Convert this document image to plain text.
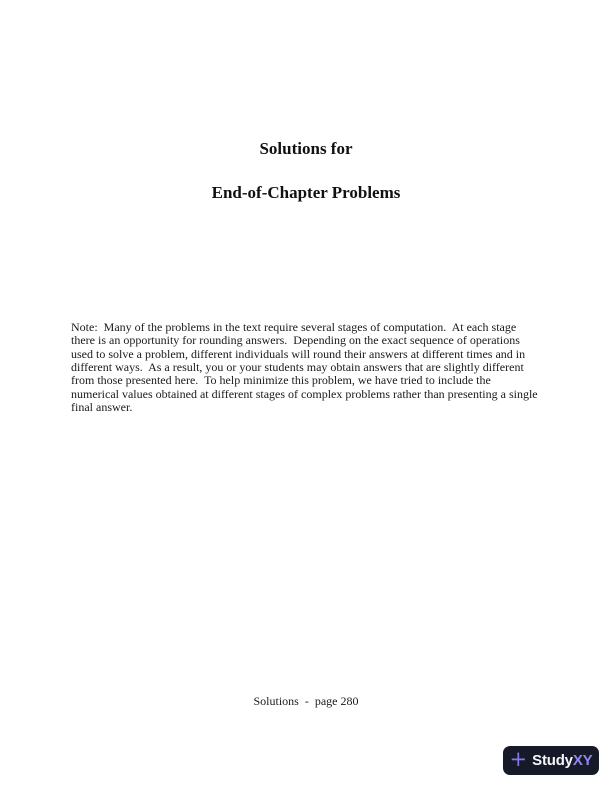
Solutions for
End-of-Chapter Problems
Note:  Many of the problems in the text require several stages of computation.  At each stage
there is an opportunity for rounding answers.  Depending on the exact sequence of operations
used to solve a problem, different individuals will round their answers at different times and in
different ways.  As a result, you or your students may obtain answers that are slightly different
from those presented here.  To help minimize this problem, we have tried to include the
numerical values obtained at different stages of complex problems rather than presenting a single
final answer.
Solutions  -  page 280
+ StudyXY
